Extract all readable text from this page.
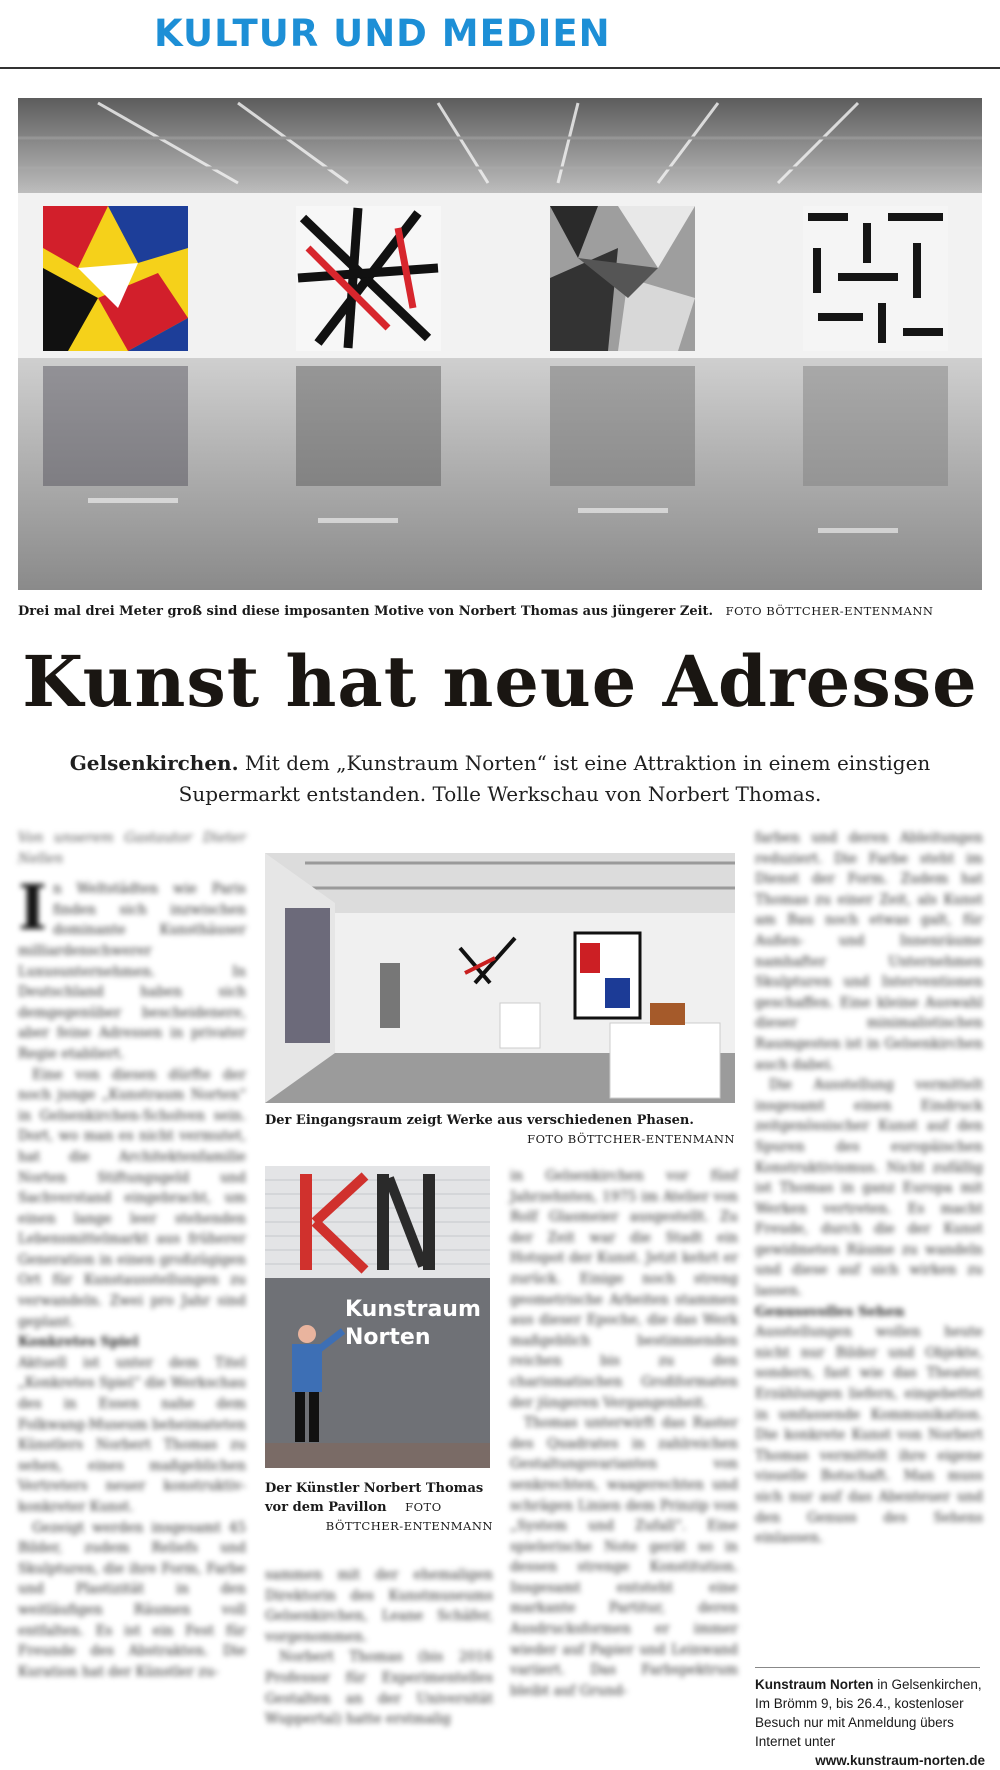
KULTUR UND MEDIEN
Drei mal drei Meter groß sind diese imposanten Motive von Norbert Thomas aus jüngerer Zeit. FOTO BÖTTCHER-ENTENMANN
Kunst hat neue Adresse
Gelsenkirchen. Mit dem „Kunstraum Norten“ ist eine Attraktion in einem einstigen Supermarkt entstanden. Tolle Werkschau von Norbert Thomas.
Der Eingangsraum zeigt Werke aus verschiedenen Phasen.
FOTO BÖTTCHER-ENTENMANN
Kunstraum Norten
Der Künstler Norbert Thomas vor dem Pavillon FOTO
BÖTTCHER-ENTENMANN

Von unserem Gastautor Dieter Nellen

I n Weltstädten wie Paris finden sich inzwischen dominante Kunsthäuser milliardenschwerer Luxusunternehmen. In Deutschland haben sich demgegenüber bescheidenere, aber feine Adressen in privater Regie etabliert.

Eine von diesen dürfte der noch junge „Kunstraum Norten“ in Gelsenkirchen-Scholven sein. Dort, wo man es nicht vermutet, hat die Architektenfamilie Norten Stiftungsgeld und Sachverstand eingebracht, um einen lange leer stehenden Lebensmittelmarkt aus früherer Generation in einen großzügigen Ort für Kunstausstellungen zu verwandeln. Zwei pro Jahr sind geplant.

Konkretes Spiel

Aktuell ist unter dem Titel „Konkretes Spiel“ die Werkschau des in Essen nahe dem Folkwang-Museum beheimateten Künstlers Norbert Thomas zu sehen, eines maßgeblichen Vertreters neuer konstruktiv-konkreter Kunst.

Gezeigt werden insgesamt 45 Bilder, zudem Reliefs und Skulpturen, die ihre Form, Farbe und Plastizität in den weitläufigen Räumen voll entfalten. Es ist ein Fest für Freunde des Abstrakten. Die Kuration hat der Künstler zu-

sammen mit der ehemaligen Direktorin des Kunstmuseums Gelsenkirchen, Leane Schäfer, vorgenommen.

Norbert Thomas (bis 2016 Professor für Experimentelles Gestalten an der Universität Wuppertal) hatte erstmalig

in Gelsenkirchen vor fünf Jahrzehnten, 1975 im Atelier von Rolf Glasmeier ausgestellt. Zu der Zeit war die Stadt ein Hotspot der Kunst. Jetzt kehrt er zurück. Einige noch streng geometrische Arbeiten stammen aus dieser Epoche, die das Werk maßgeblich bestimmenden reichen bis zu den charismatischen Großformaten der jüngeren Vergangenheit.

Thomas unterwirft das Raster des Quadrates in zahlreichen Gestaltungsvarianten von senkrechten, waagerechten und schrägen Linien dem Prinzip von „System und Zufall“. Eine spielerische Note gerät so in dessen strenge Konstitution. Insgesamt entsteht eine markante Partitur, deren Ausdrucksformen er immer wieder auf Papier und Leinwand variiert. Das Farbspektrum bleibt auf Grund-

farben und deren Ableitungen reduziert. Die Farbe steht im Dienst der Form. Zudem hat Thomas zu einer Zeit, als Kunst am Bau noch etwas galt, für Außen- und Innenräume namhafter Unternehmen Skulpturen und Interventionen geschaffen. Eine kleine Auswahl dieser minimalistischen Raumgesten ist in Gelsenkirchen auch dabei.

Die Ausstellung vermittelt insgesamt einen Eindruck zeitgenössischer Kunst auf den Spuren des europäischen Konstruktivismus. Nicht zufällig ist Thomas in ganz Europa mit Werken vertreten. Es macht Freude, durch die der Kunst gewidmeten Räume zu wandeln und diese auf sich wirken zu lassen.

Genussvolles Sehen

Ausstellungen wollen heute nicht nur Bilder und Objekte, sondern, fast wie das Theater, Erzählungen liefern, eingebettet in umfassende Kommunikation. Die konkrete Kunst von Norbert Thomas vermittelt ihre eigene visuelle Botschaft. Man muss sich nur auf das Abenteuer und den Genuss des Sehens einlassen.

Kunstraum Norten in Gelsenkirchen, Im Brömm 9, bis 26.4., kostenloser Besuch nur mit Anmeldung übers Internet unter
www.kunstraum-norten.de
